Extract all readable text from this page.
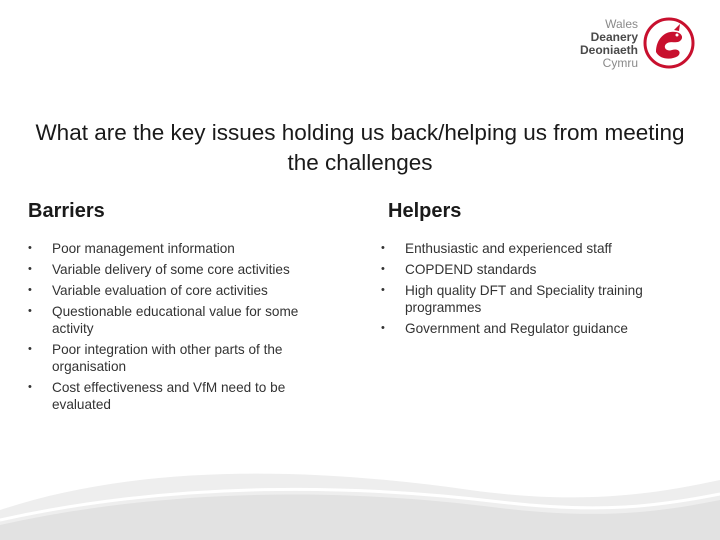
Wales
Deanery
Deoniaeth
Cymru
What are the key issues holding us back/helping us from meeting the challenges
Barriers	Helpers
• Poor management information
• Variable delivery of some core activities
• Variable evaluation of core activities
• Questionable educational value for some activity
• Poor integration with other parts of the organisation
• Cost effectiveness and VfM need to be evaluated
• Enthusiastic and experienced staff
• COPDEND standards
• High quality DFT and Speciality training programmes
• Government and Regulator guidance
